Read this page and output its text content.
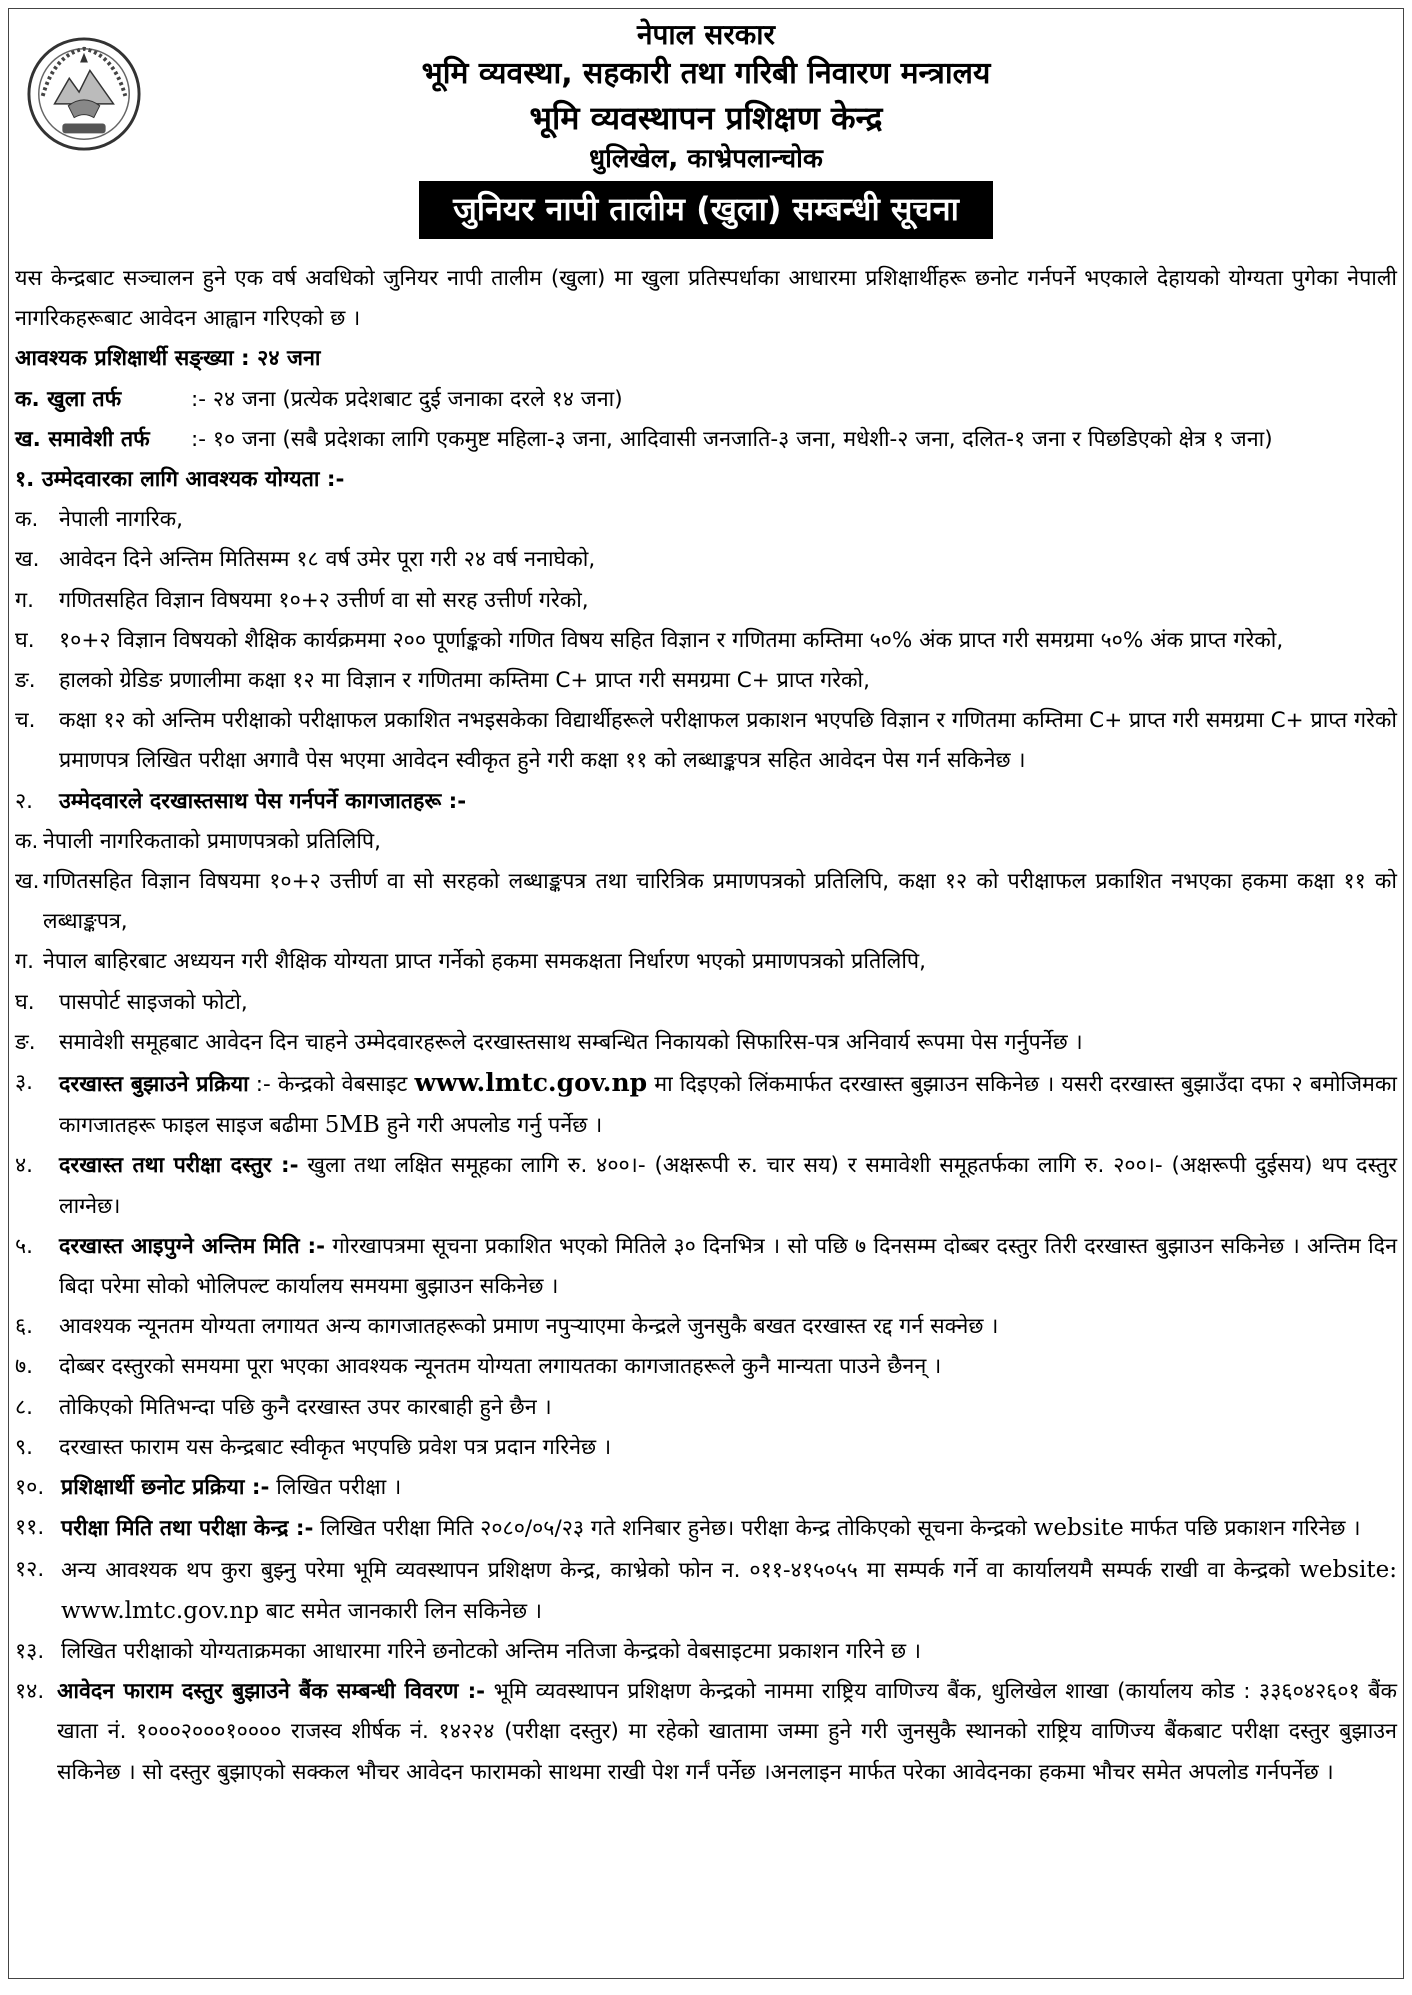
नेपाल सरकार
भूमि व्यवस्था, सहकारी तथा गरिबी निवारण मन्त्रालय
भूमि व्यवस्थापन प्रशिक्षण केन्द्र
धुलिखेल, काभ्रेपलान्चोक
जुनियर नापी तालीम (खुला) सम्बन्धी सूचना
यस केन्द्रबाट सञ्चालन हुने एक वर्ष अवधिको जुनियर नापी तालीम (खुला) मा खुला प्रतिस्पर्धाका आधारमा प्रशिक्षार्थीहरू छनोट गर्नपर्ने भएकाले देहायको योग्यता पुगेका नेपाली नागरिकहरूबाट आवेदन आह्वान गरिएको छ ।
आवश्यक प्रशिक्षार्थी सङ्ख्या : २४ जना
क. खुला तर्फ	:- २४ जना (प्रत्येक प्रदेशबाट दुई जनाका दरले १४ जना)
ख. समावेशी तर्फ	:- १० जना (सबै प्रदेशका लागि एकमुष्ट महिला-३ जना, आदिवासी जनजाति-३ जना, मधेशी-२ जना, दलित-१ जना र पिछडिएको क्षेत्र १ जना)
१. उम्मेदवारका लागि आवश्यक योग्यता :-
क. नेपाली नागरिक,
ख. आवेदन दिने अन्तिम मितिसम्म १८ वर्ष उमेर पूरा गरी २४ वर्ष ननाघेको,
ग.	गणितसहित विज्ञान विषयमा १०+२ उत्तीर्ण वा सो सरह उत्तीर्ण गरेको,
घ.	१०+२ विज्ञान विषयको शैक्षिक कार्यक्रममा २०० पूर्णाङ्कको गणित विषय सहित विज्ञान र गणितमा कम्तिमा ५०% अंक प्राप्त गरी समग्रमा ५०% अंक प्राप्त गरेको,
ङ.	हालको ग्रेडिङ प्रणालीमा कक्षा १२ मा विज्ञान र गणितमा कम्तिमा C+ प्राप्त गरी समग्रमा C+ प्राप्त गरेको,
च.	कक्षा १२ को अन्तिम परीक्षाको परीक्षाफल प्रकाशित नभइसकेका विद्यार्थीहरूले परीक्षाफल प्रकाशन भएपछि विज्ञान र गणितमा कम्तिमा C+ प्राप्त गरी समग्रमा C+ प्राप्त गरेको प्रमाणपत्र लिखित परीक्षा अगावै पेस भएमा आवेदन स्वीकृत हुने गरी कक्षा ११ को लब्धाङ्कपत्र सहित आवेदन पेस गर्न सकिनेछ ।
२.	उम्मेदवारले दरखास्तसाथ पेस गर्नपर्ने कागजातहरू :-
क. नेपाली नागरिकताको प्रमाणपत्रको प्रतिलिपि,
ख. गणितसहित विज्ञान विषयमा १०+२ उत्तीर्ण वा सो सरहको लब्धाङ्कपत्र तथा चारित्रिक प्रमाणपत्रको प्रतिलिपि, कक्षा १२ को परीक्षाफल प्रकाशित नभएका हकमा कक्षा ११ को लब्धाङ्कपत्र,
ग. नेपाल बाहिरबाट अध्ययन गरी शैक्षिक योग्यता प्राप्त गर्नेको हकमा समकक्षता निर्धारण भएको प्रमाणपत्रको प्रतिलिपि,
घ.	पासपोर्ट साइजको फोटो,
ङ.	समावेशी समूहबाट आवेदन दिन चाहने उम्मेदवारहरूले दरखास्तसाथ सम्बन्धित निकायको सिफारिस-पत्र अनिवार्य रूपमा पेस गर्नुपर्नेछ ।
३.	दरखास्त बुझाउने प्रक्रिया :- केन्द्रको वेबसाइट www.lmtc.gov.np मा दिइएको लिंकमार्फत दरखास्त बुझाउन सकिनेछ । यसरी दरखास्त बुझाउँदा दफा २ बमोजिमका कागजातहरू फाइल साइज बढीमा 5MB हुने गरी अपलोड गर्नु पर्नेछ ।
४.	दरखास्त तथा परीक्षा दस्तुर :- खुला तथा लक्षित समूहका लागि रु. ४००।- (अक्षरूपी रु. चार सय) र समावेशी समूहतर्फका लागि रु. २००।- (अक्षरूपी दुईसय) थप दस्तुर लाग्नेछ।
५.	दरखास्त आइपुग्ने अन्तिम मिति :- गोरखापत्रमा सूचना प्रकाशित भएको मितिले ३० दिनभित्र । सो पछि ७ दिनसम्म दोब्बर दस्तुर तिरी दरखास्त बुझाउन सकिनेछ । अन्तिम दिन बिदा परेमा सोको भोलिपल्ट कार्यालय समयमा बुझाउन सकिनेछ ।
६.	आवश्यक न्यूनतम योग्यता लगायत अन्य कागजातहरूको प्रमाण नपुऱ्याएमा केन्द्रले जुनसुकै बखत दरखास्त रद्द गर्न सक्नेछ ।
७.	दोब्बर दस्तुरको समयमा पूरा भएका आवश्यक न्यूनतम योग्यता लगायतका कागजातहरूले कुनै मान्यता पाउने छैनन् ।
८.	तोकिएको मितिभन्दा पछि कुनै दरखास्त उपर कारबाही हुने छैन ।
९.	दरखास्त फाराम यस केन्द्रबाट स्वीकृत भएपछि प्रवेश पत्र प्रदान गरिनेछ ।
१०. प्रशिक्षार्थी छनोट प्रक्रिया :- लिखित परीक्षा ।
११. परीक्षा मिति तथा परीक्षा केन्द्र :- लिखित परीक्षा मिति २०८०/०५/२३ गते शनिबार हुनेछ। परीक्षा केन्द्र तोकिएको सूचना केन्द्रको website मार्फत पछि प्रकाशन गरिनेछ ।
१२. अन्य आवश्यक थप कुरा बुझ्नु परेमा भूमि व्यवस्थापन प्रशिक्षण केन्द्र, काभ्रेको फोन न. ०११-४१५०५५ मा सम्पर्क गर्ने वा कार्यालयमै सम्पर्क राखी वा केन्द्रको website: www.lmtc.gov.np बाट समेत जानकारी लिन सकिनेछ ।
१३. लिखित परीक्षाको योग्यताक्रमका आधारमा गरिने छनोटको अन्तिम नतिजा केन्द्रको वेबसाइटमा प्रकाशन गरिने छ ।
१४. आवेदन फाराम दस्तुर बुझाउने बैंक सम्बन्धी विवरण :- भूमि व्यवस्थापन प्रशिक्षण केन्द्रको नाममा राष्ट्रिय वाणिज्य बैंक, धुलिखेल शाखा (कार्यालय कोड : ३३६०४२६०१ बैंक खाता नं. १०००२०००१०००० राजस्व शीर्षक नं. १४२२४ (परीक्षा दस्तुर) मा रहेको खातामा जम्मा हुने गरी जुनसुकै स्थानको राष्ट्रिय वाणिज्य बैंकबाट परीक्षा दस्तुर बुझाउन सकिनेछ । सो दस्तुर बुझाएको सक्कल भौचर आवेदन फारामको साथमा राखी पेश गर्नं पर्नेछ ।अनलाइन मार्फत परेका आवेदनका हकमा भौचर समेत अपलोड गर्नपर्नेछ ।
